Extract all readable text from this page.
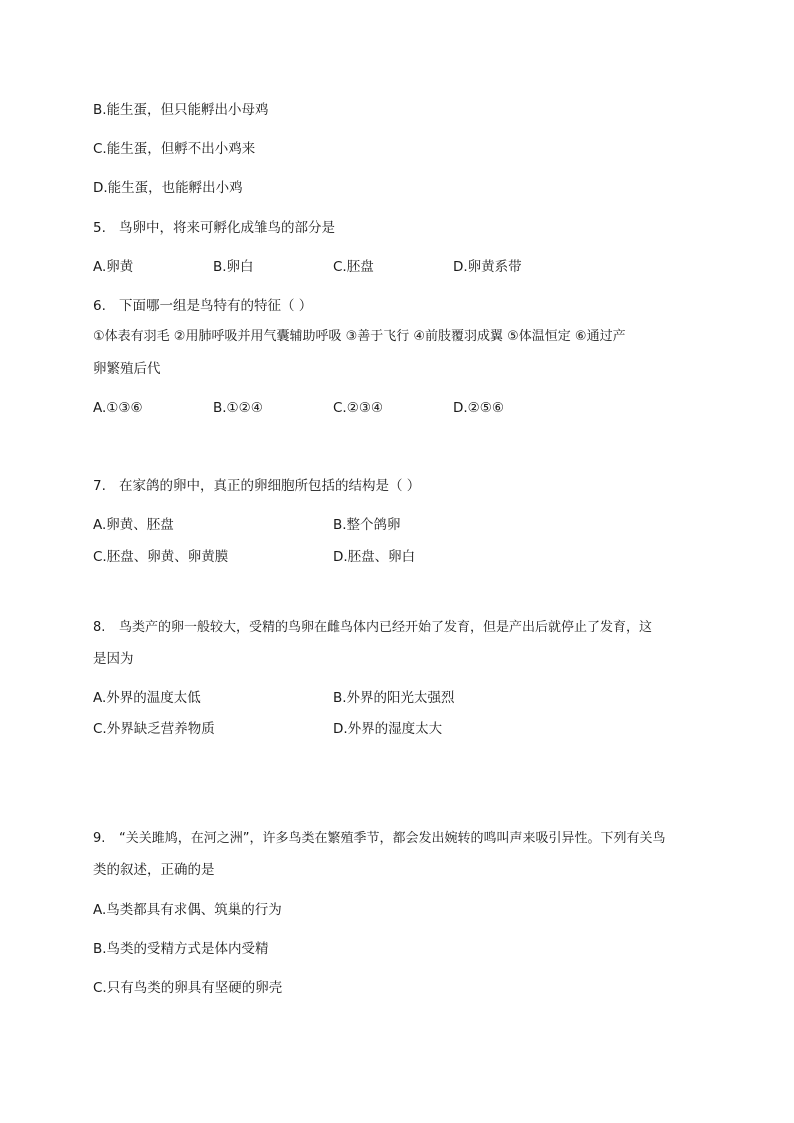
B.能生蛋，但只能孵出小母鸡
C.能生蛋，但孵不出小鸡来
D.能生蛋，也能孵出小鸡
5. 鸟卵中，将来可孵化成雏鸟的部分是
A.卵黄	B.卵白	C.胚盘	D.卵黄系带
6. 下面哪一组是鸟特有的特征（ ）
①体表有羽毛 ②用肺呼吸并用气囊辅助呼吸 ③善于飞行 ④前肢覆羽成翼 ⑤体温恒定 ⑥通过产
卵繁殖后代
A.①③⑥	B.①②④	C.②③④	D.②⑤⑥
7. 在家鸽的卵中，真正的卵细胞所包括的结构是（ ）
A.卵黄、胚盘	B.整个鸽卵
C.胚盘、卵黄、卵黄膜	D.胚盘、卵白
8. 鸟类产的卵一般较大，受精的鸟卵在雌鸟体内已经开始了发育，但是产出后就停止了发育，这
是因为
A.外界的温度太低	B.外界的阳光太强烈
C.外界缺乏营养物质	D.外界的湿度太大
9. “关关雎鸠，在河之洲”，许多鸟类在繁殖季节，都会发出婉转的鸣叫声来吸引异性。下列有关鸟
类的叙述，正确的是
A.鸟类都具有求偶、筑巢的行为
B.鸟类的受精方式是体内受精
C.只有鸟类的卵具有坚硬的卵壳
